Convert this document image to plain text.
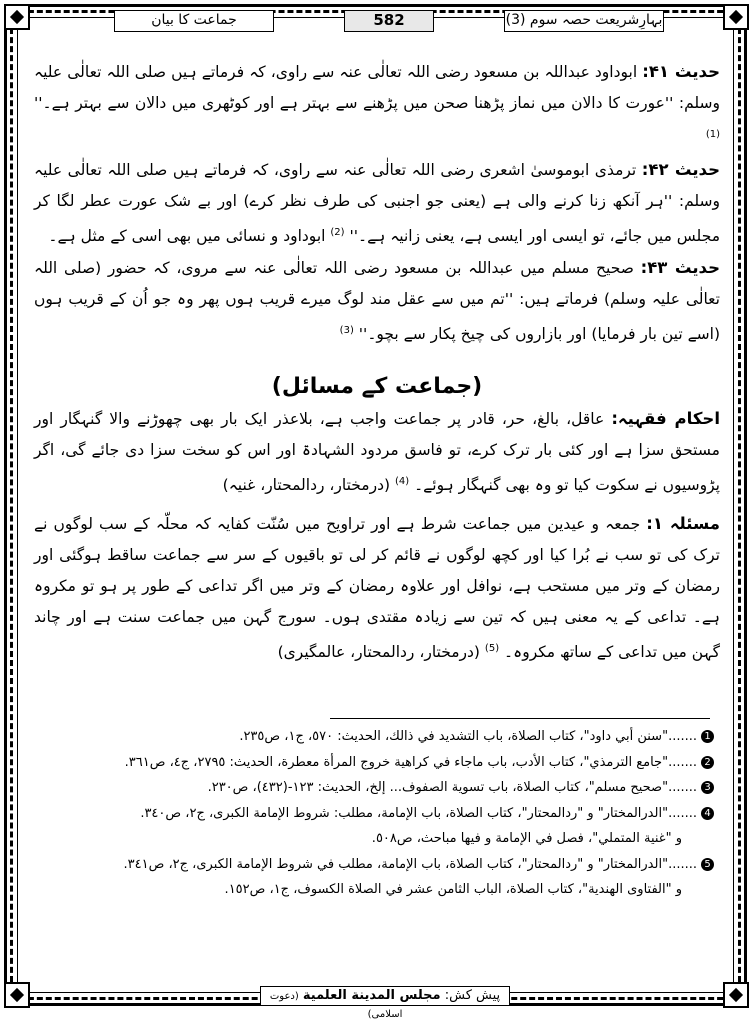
بہارِشریعت حصہ سوم (3)
582
جماعت کا بیان

حدیث ۴۱: ابوداود عبداللہ بن مسعود رضی اللہ تعالٰی عنہ سے راوی، کہ فرماتے ہیں صلی اللہ تعالٰی علیہ وسلم: ''عورت کا دالان میں نماز پڑھنا صحن میں پڑھنے سے بہتر ہے اور کوٹھری میں دالان سے بہتر ہے۔'' $^{(1)}$

حدیث ۴۲: ترمذی ابوموسیٰ اشعری رضی اللہ تعالٰی عنہ سے راوی، کہ فرماتے ہیں صلی اللہ تعالٰی علیہ وسلم: ''ہر آنکھ زنا کرنے والی ہے (یعنی جو اجنبی کی طرف نظر کرے) اور بے شک عورت عطر لگا کر مجلس میں جائے، تو ایسی اور ایسی ہے، یعنی زانیہ ہے۔'' $^{(2)}$ ابوداود و نسائی میں بھی اسی کے مثل ہے۔

حدیث ۴۳: صحیح مسلم میں عبداللہ بن مسعود رضی اللہ تعالٰی عنہ سے مروی، کہ حضور (صلی اللہ تعالٰی علیہ وسلم) فرماتے ہیں: ''تم میں سے عقل مند لوگ میرے قریب ہوں پھر وہ جو اُن کے قریب ہوں (اسے تین بار فرمایا) اور بازاروں کی چیخ پکار سے بچو۔'' $^{(3)}$

(جماعت کے مسائل)

احکام فقہیہ: عاقل، بالغ، حر، قادر پر جماعت واجب ہے، بلاعذر ایک بار بھی چھوڑنے والا گنہگار اور مستحق سزا ہے اور کئی بار ترک کرے، تو فاسق مردود الشہادۃ اور اس کو سخت سزا دی جائے گی، اگر پڑوسیوں نے سکوت کیا تو وہ بھی گنہگار ہوئے۔ $^{(4)}$ (درمختار، ردالمحتار، غنیہ)

مسئلہ ۱: جمعہ و عیدین میں جماعت شرط ہے اور تراویح میں سُنّت کفایہ کہ محلّہ کے سب لوگوں نے ترک کی تو سب نے بُرا کیا اور کچھ لوگوں نے قائم کر لی تو باقیوں کے سر سے جماعت ساقط ہوگئی اور رمضان کے وتر میں مستحب ہے، نوافل اور علاوہ رمضان کے وتر میں اگر تداعی کے طور پر ہو تو مکروہ ہے۔ تداعی کے یہ معنی ہیں کہ تین سے زیادہ مقتدی ہوں۔ سورج گہن میں جماعت سنت ہے اور چاند گہن میں تداعی کے ساتھ مکروہ۔ $^{(5)}$ (درمختار، ردالمحتار، عالمگیری)

1......."سنن أبي داود"، كتاب الصلاة، باب التشديد في ذالك، الحديث: ٥٧٠، ج١، ص٢٣٥.
2......."جامع الترمذي"، كتاب الأدب، باب ماجاء في كراهية خروج المرأة معطرة، الحديث: ٢٧٩٥، ج٤، ص٣٦١.
3......."صحيح مسلم"، كتاب الصلاة، باب تسوية الصفوف... إلخ، الحديث: ١٢٣-(٤٣٢)، ص٢٣٠.
4......."الدرالمختار" و "ردالمحتار"، كتاب الصلاة، باب الإمامة، مطلب: شروط الإمامة الكبرى، ج٢، ص٣٤٠.
و "غنية المتملي"، فصل في الإمامة و فيها مباحث، ص٥٠٨.
5......."الدرالمختار" و "ردالمحتار"، كتاب الصلاة، باب الإمامة، مطلب في شروط الإمامة الكبرى، ج٢، ص٣٤١.
و "الفتاوى الهندية"، كتاب الصلاة، الباب الثامن عشر في الصلاة الكسوف، ج١، ص١٥٢.
پیش کش: مجلس المدينة العلمية (دعوت اسلامی)
